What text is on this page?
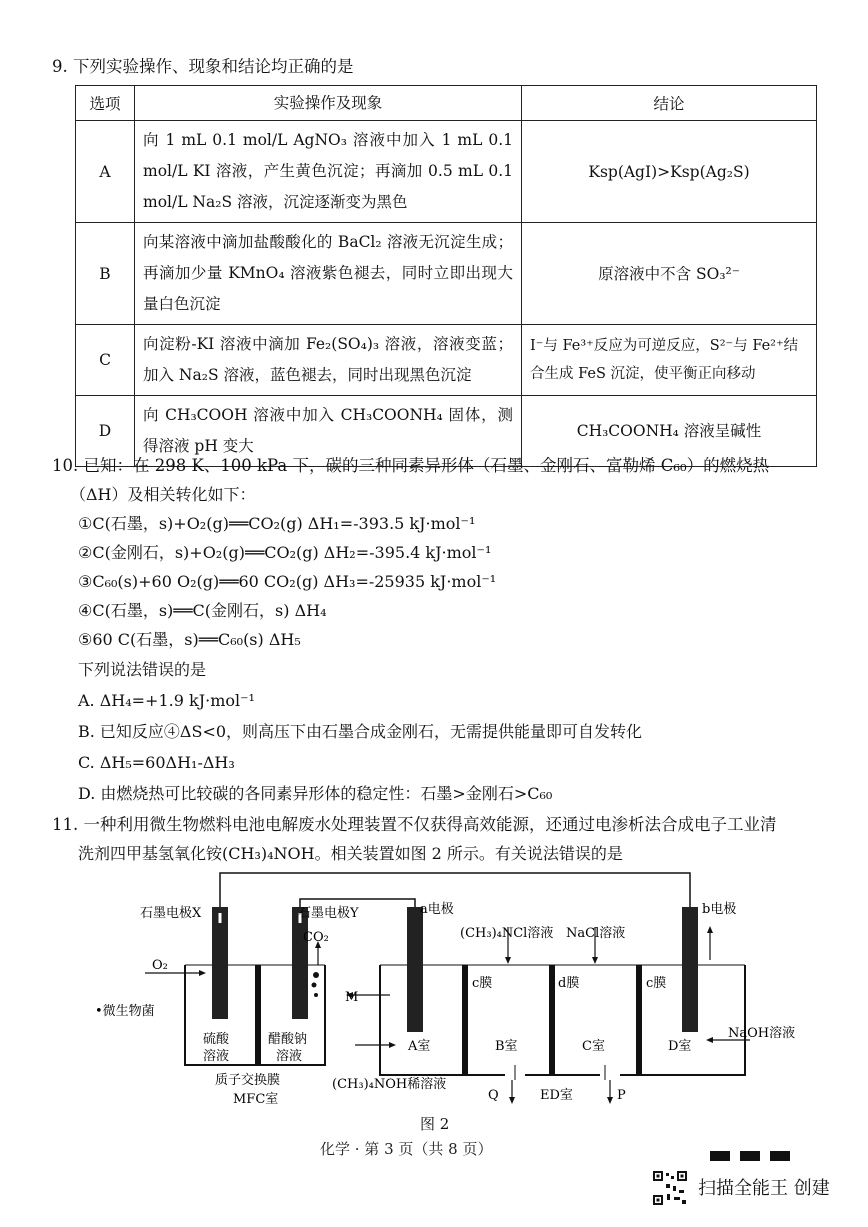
9. 下列实验操作、现象和结论均正确的是
选项	实验操作及现象	结论
A	向 1 mL 0.1 mol/L AgNO₃ 溶液中加入 1 mL 0.1 mol/L KI 溶液，产生黄色沉淀；再滴加 0.5 mL 0.1 mol/L Na₂S 溶液，沉淀逐渐变为黑色	Ksp(AgI)>Ksp(Ag₂S)
B	向某溶液中滴加盐酸酸化的 BaCl₂ 溶液无沉淀生成；再滴加少量 KMnO₄ 溶液紫色褪去，同时立即出现大量白色沉淀	原溶液中不含 SO₃²⁻
C	向淀粉-KI 溶液中滴加 Fe₂(SO₄)₃ 溶液，溶液变蓝；加入 Na₂S 溶液，蓝色褪去，同时出现黑色沉淀	I⁻与 Fe³⁺反应为可逆反应，S²⁻与 Fe²⁺结合生成 FeS 沉淀，使平衡正向移动
D	向 CH₃COOH 溶液中加入 CH₃COONH₄ 固体，测得溶液 pH 变大	CH₃COONH₄ 溶液呈碱性
10. 已知：在 298 K、100 kPa 下，碳的三种同素异形体（石墨、金刚石、富勒烯 C₆₀）的燃烧热
（ΔH）及相关转化如下：
①C(石墨，s)+O₂(g)══CO₂(g) ΔH₁=-393.5 kJ·mol⁻¹
②C(金刚石，s)+O₂(g)══CO₂(g) ΔH₂=-395.4 kJ·mol⁻¹
③C₆₀(s)+60 O₂(g)══60 CO₂(g) ΔH₃=-25935 kJ·mol⁻¹
④C(石墨，s)══C(金刚石，s) ΔH₄
⑤60 C(石墨，s)══C₆₀(s) ΔH₅
下列说法错误的是
A. ΔH₄=+1.9 kJ·mol⁻¹
B. 已知反应④ΔS<0，则高压下由石墨合成金刚石，无需提供能量即可自发转化
C. ΔH₅=60ΔH₁-ΔH₃
D. 由燃烧热可比较碳的各同素异形体的稳定性：石墨>金刚石>C₆₀
11. 一种利用微生物燃料电池电解废水处理装置不仅获得高效能源，还通过电渗析法合成电子工业清
洗剂四甲基氢氧化铵(CH₃)₄NOH。相关装置如图 2 所示。有关说法错误的是
石墨电极X	石墨电极Y	a电极	b电极
CO₂
O₂
•微生物菌
硫酸
溶液
醋酸钠
溶液
质子交换膜
MFC室
M
(CH₃)₄NCl溶液 NaCl溶液
c膜	d膜	c膜
A室	B室	C室	D室
NaOH溶液
(CH₃)₄NOH稀溶液
Q	ED室	P
图 2
化学 · 第 3 页（共 8 页）
扫描全能王 创建
